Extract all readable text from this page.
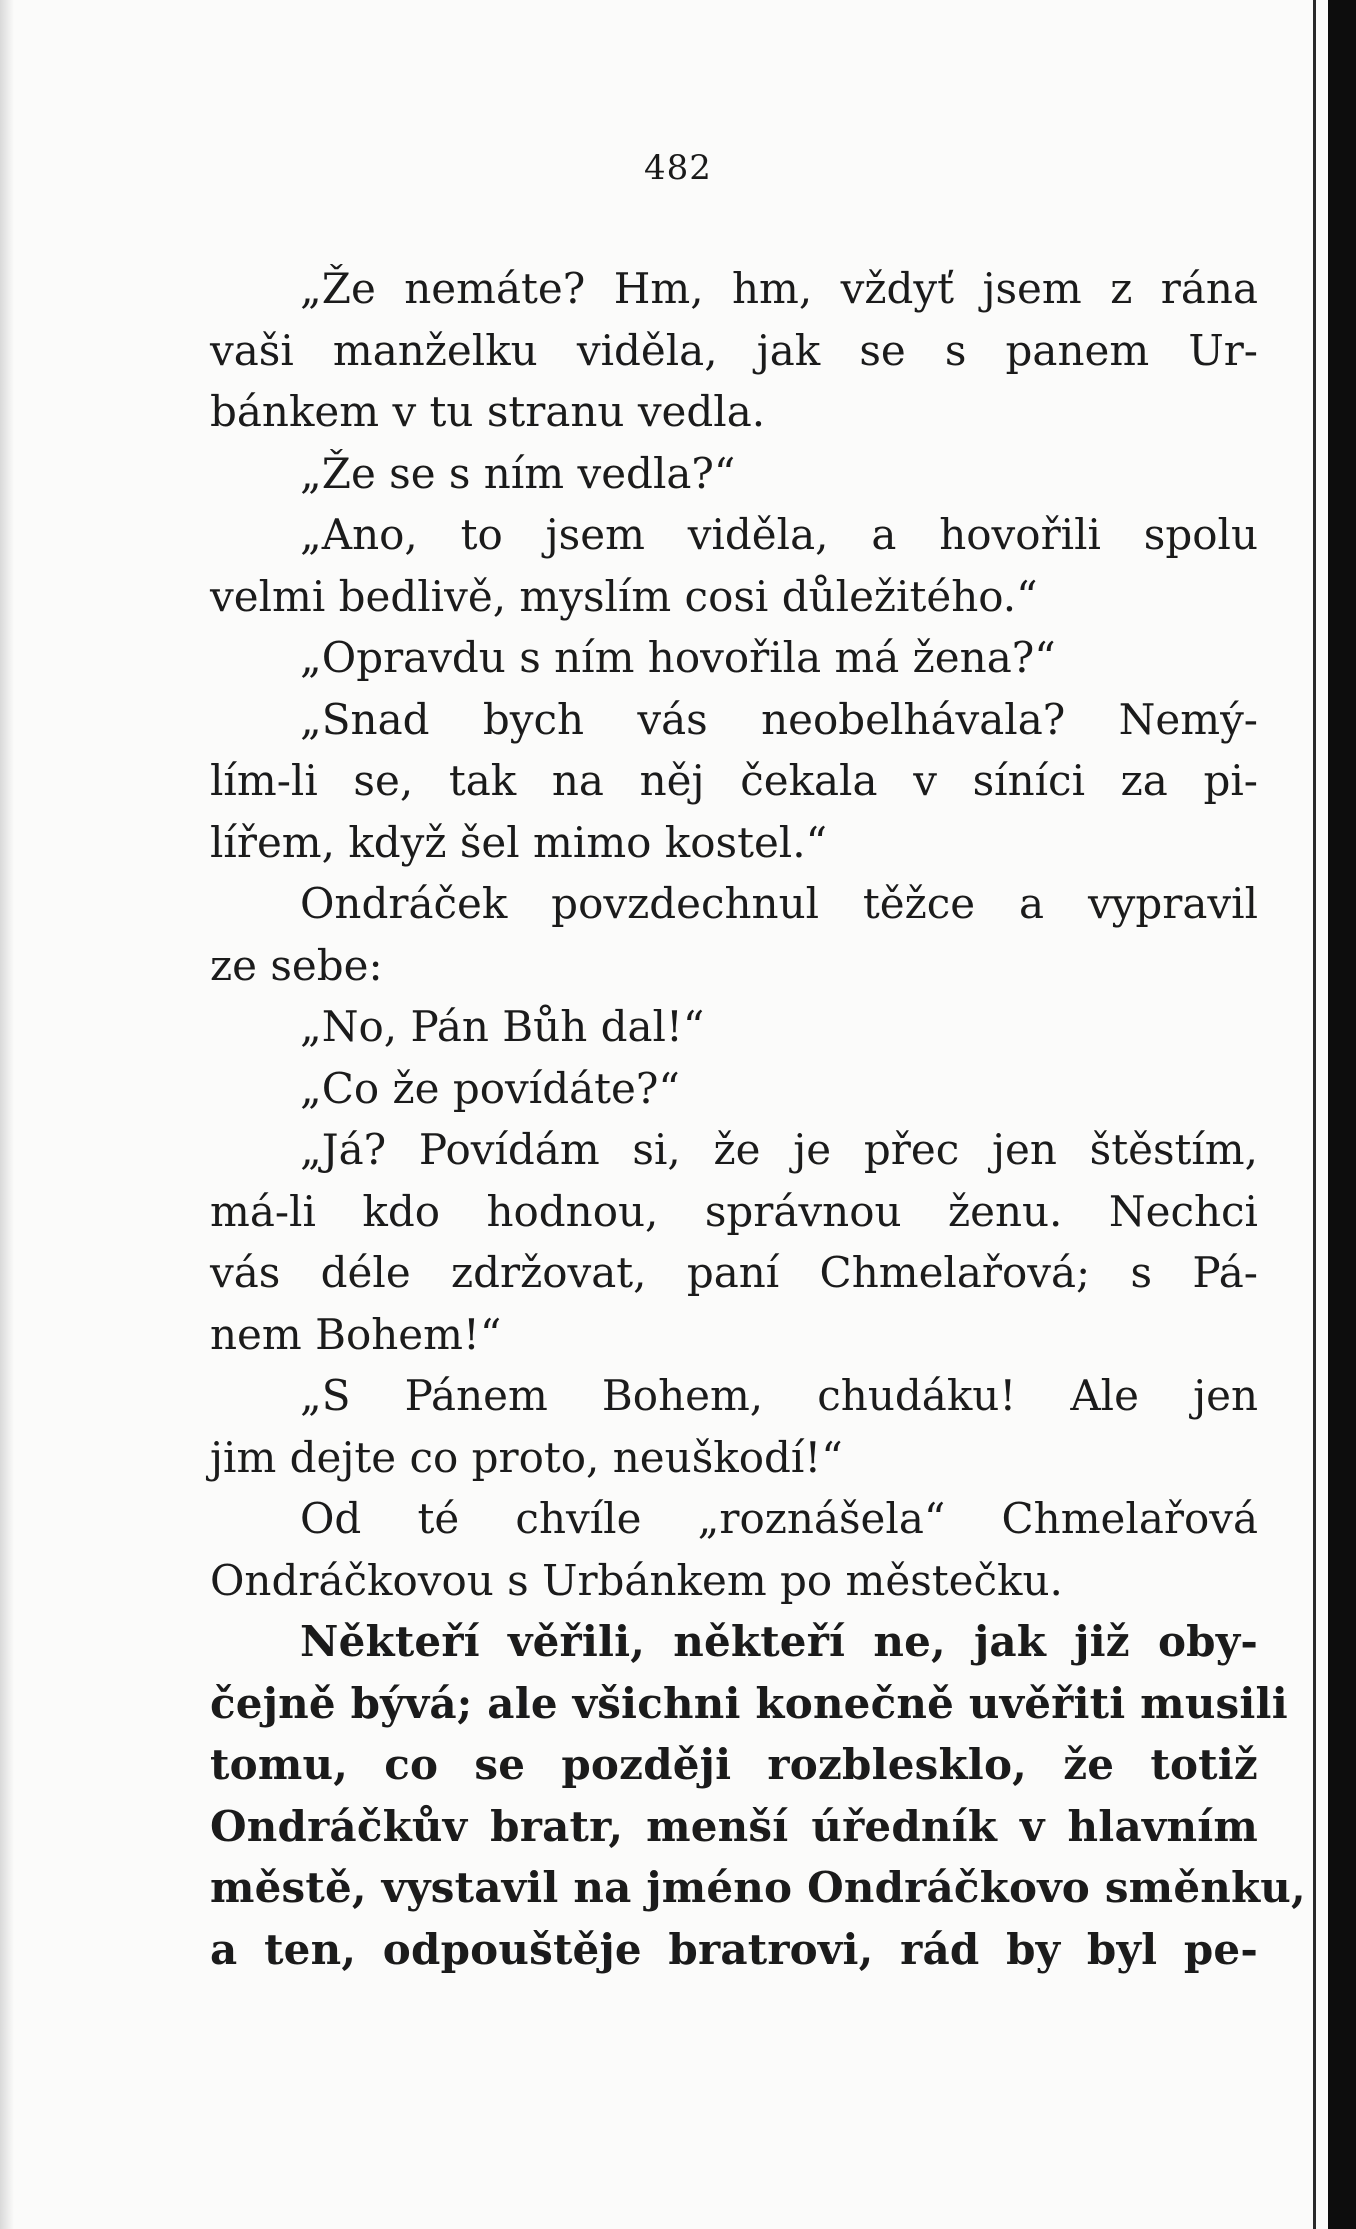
482
„Že nemáte? Hm, hm, vždyť jsem z rána
vaši manželku viděla, jak se s panem Ur-
bánkem v tu stranu vedla.
„Že se s ním vedla?“
„Ano, to jsem viděla, a hovořili spolu
velmi bedlivě, myslím cosi důležitého.“
„Opravdu s ním hovořila má žena?“
„Snad bych vás neobelhávala? Nemý-
lím-li se, tak na něj čekala v síníci za pi-
lířem, když šel mimo kostel.“
Ondráček povzdechnul těžce a vypravil
ze sebe:
„No, Pán Bůh dal!“
„Co že povídáte?“
„Já? Povídám si, že je přec jen štěstím,
má-li kdo hodnou, správnou ženu. Nechci
vás déle zdržovat, paní Chmelařová; s Pá-
nem Bohem!“
„S Pánem Bohem, chudáku! Ale jen
jim dejte co proto, neuškodí!“
Od té chvíle „roznášela“ Chmelařová
Ondráčkovou s Urbánkem po městečku.
Někteří věřili, někteří ne, jak již oby-
čejně bývá; ale všichni konečně uvěřiti musili
tomu, co se později rozblesklo, že totiž
Ondráčkův bratr, menší úředník v hlavním
městě, vystavil na jméno Ondráčkovo směnku,
a ten, odpouštěje bratrovi, rád by byl pe-
